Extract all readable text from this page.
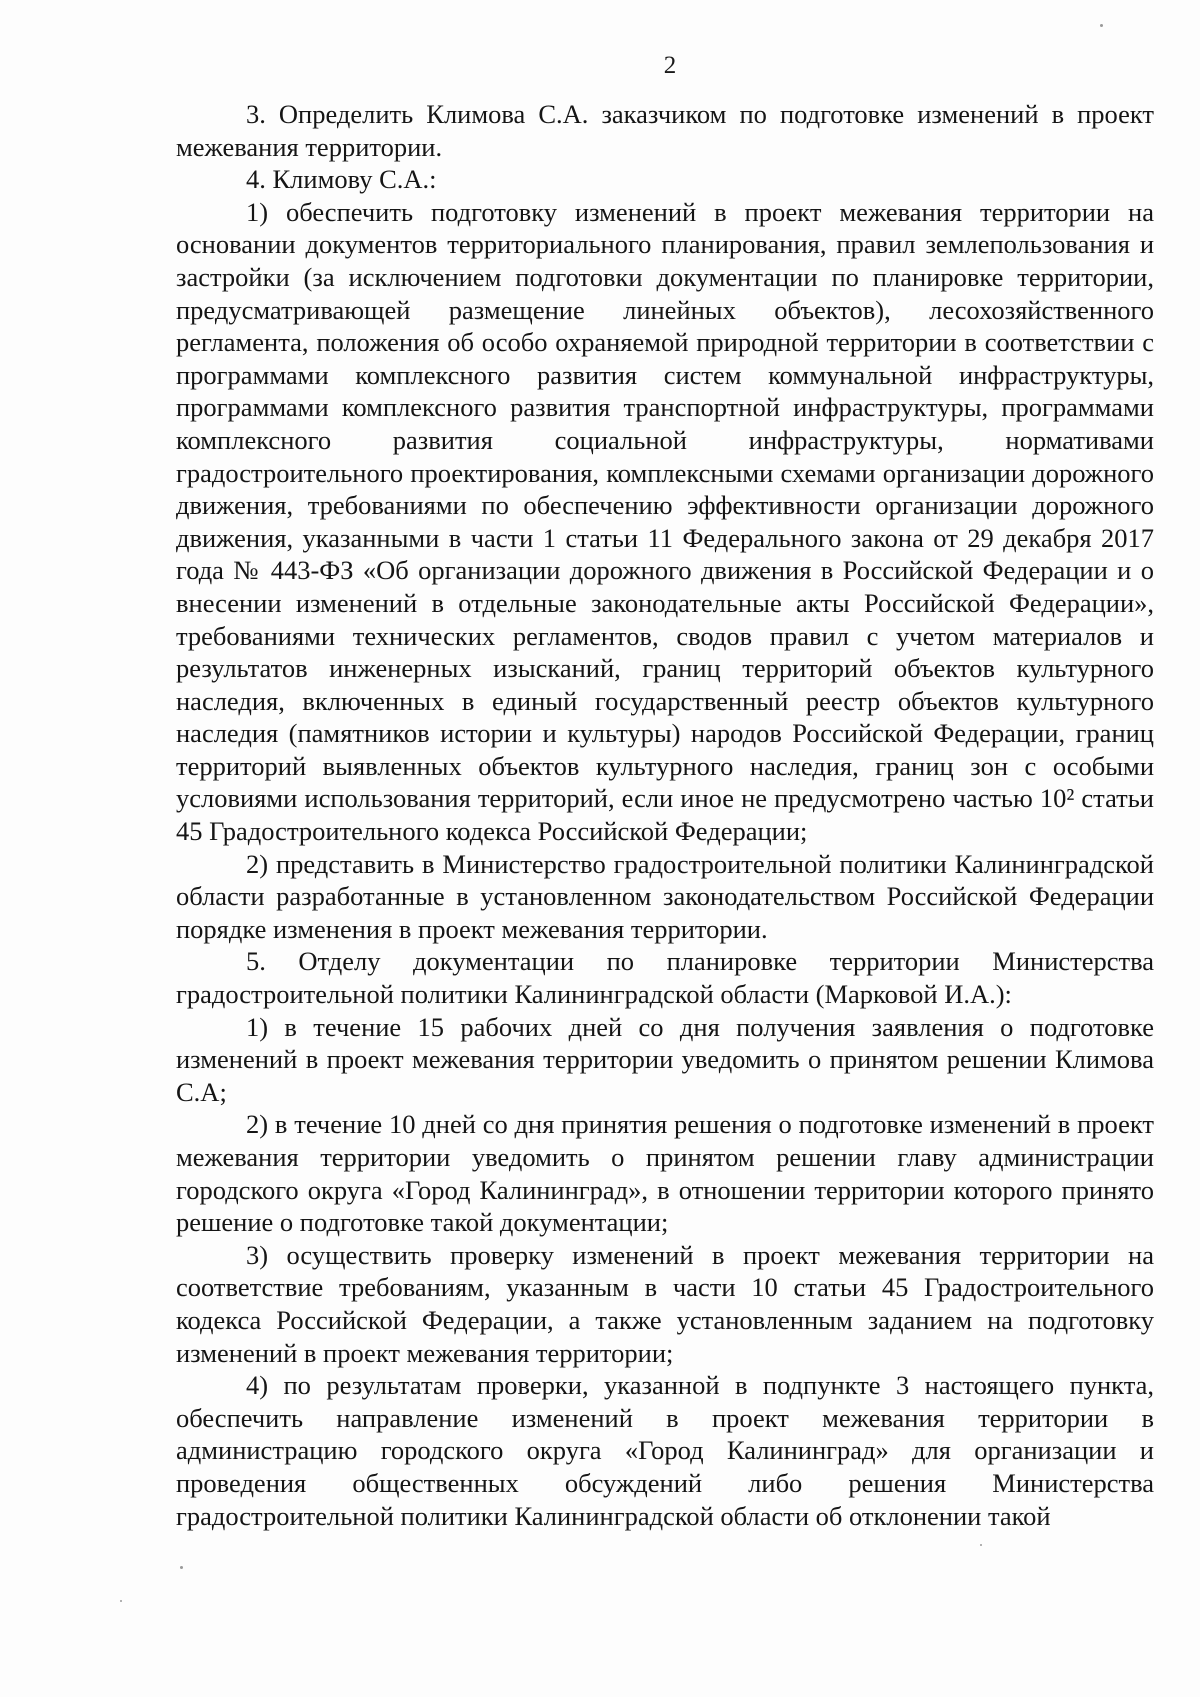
2

3. Определить Климова С.А. заказчиком по подготовке изменений в проект межевания территории.

4. Климову С.А.:

1) обеспечить подготовку изменений в проект межевания территории на основании документов территориального планирования, правил землепользования и застройки (за исключением подготовки документации по планировке территории, предусматривающей размещение линейных объектов), лесохозяйственного регламента, положения об особо охраняемой природной территории в соответствии с программами комплексного развития систем коммунальной инфраструктуры, программами комплексного развития транспортной инфраструктуры, программами комплексного развития социальной инфраструктуры, нормативами градостроительного проектирования, комплексными схемами организации дорожного движения, требованиями по обеспечению эффективности организации дорожного движения, указанными в части 1 статьи 11 Федерального закона от 29 декабря 2017 года № 443-ФЗ «Об организации дорожного движения в Российской Федерации и о внесении изменений в отдельные законодательные акты Российской Федерации», требованиями технических регламентов, сводов правил с учетом материалов и результатов инженерных изысканий, границ территорий объектов культурного наследия, включенных в единый государственный реестр объектов культурного наследия (памятников истории и культуры) народов Российской Федерации, границ территорий выявленных объектов культурного наследия, границ зон с особыми условиями использования территорий, если иное не предусмотрено частью 10² статьи 45 Градостроительного кодекса Российской Федерации;

2) представить в Министерство градостроительной политики Калининградской области разработанные в установленном законодательством Российской Федерации порядке изменения в проект межевания территории.

5. Отделу документации по планировке территории Министерства градостроительной политики Калининградской области (Марковой И.А.):

1) в течение 15 рабочих дней со дня получения заявления о подготовке изменений в проект межевания территории уведомить о принятом решении Климова С.А;

2) в течение 10 дней со дня принятия решения о подготовке изменений в проект межевания территории уведомить о принятом решении главу администрации городского округа «Город Калининград», в отношении территории которого принято решение о подготовке такой документации;

3) осуществить проверку изменений в проект межевания территории на соответствие требованиям, указанным в части 10 статьи 45 Градостроительного кодекса Российской Федерации, а также установленным заданием на подготовку изменений в проект межевания территории;

4) по результатам проверки, указанной в подпункте 3 настоящего пункта, обеспечить направление изменений в проект межевания территории в администрацию городского округа «Город Калининград» для организации и проведения общественных обсуждений либо решения Министерства градостроительной политики Калининградской области об отклонении такой
